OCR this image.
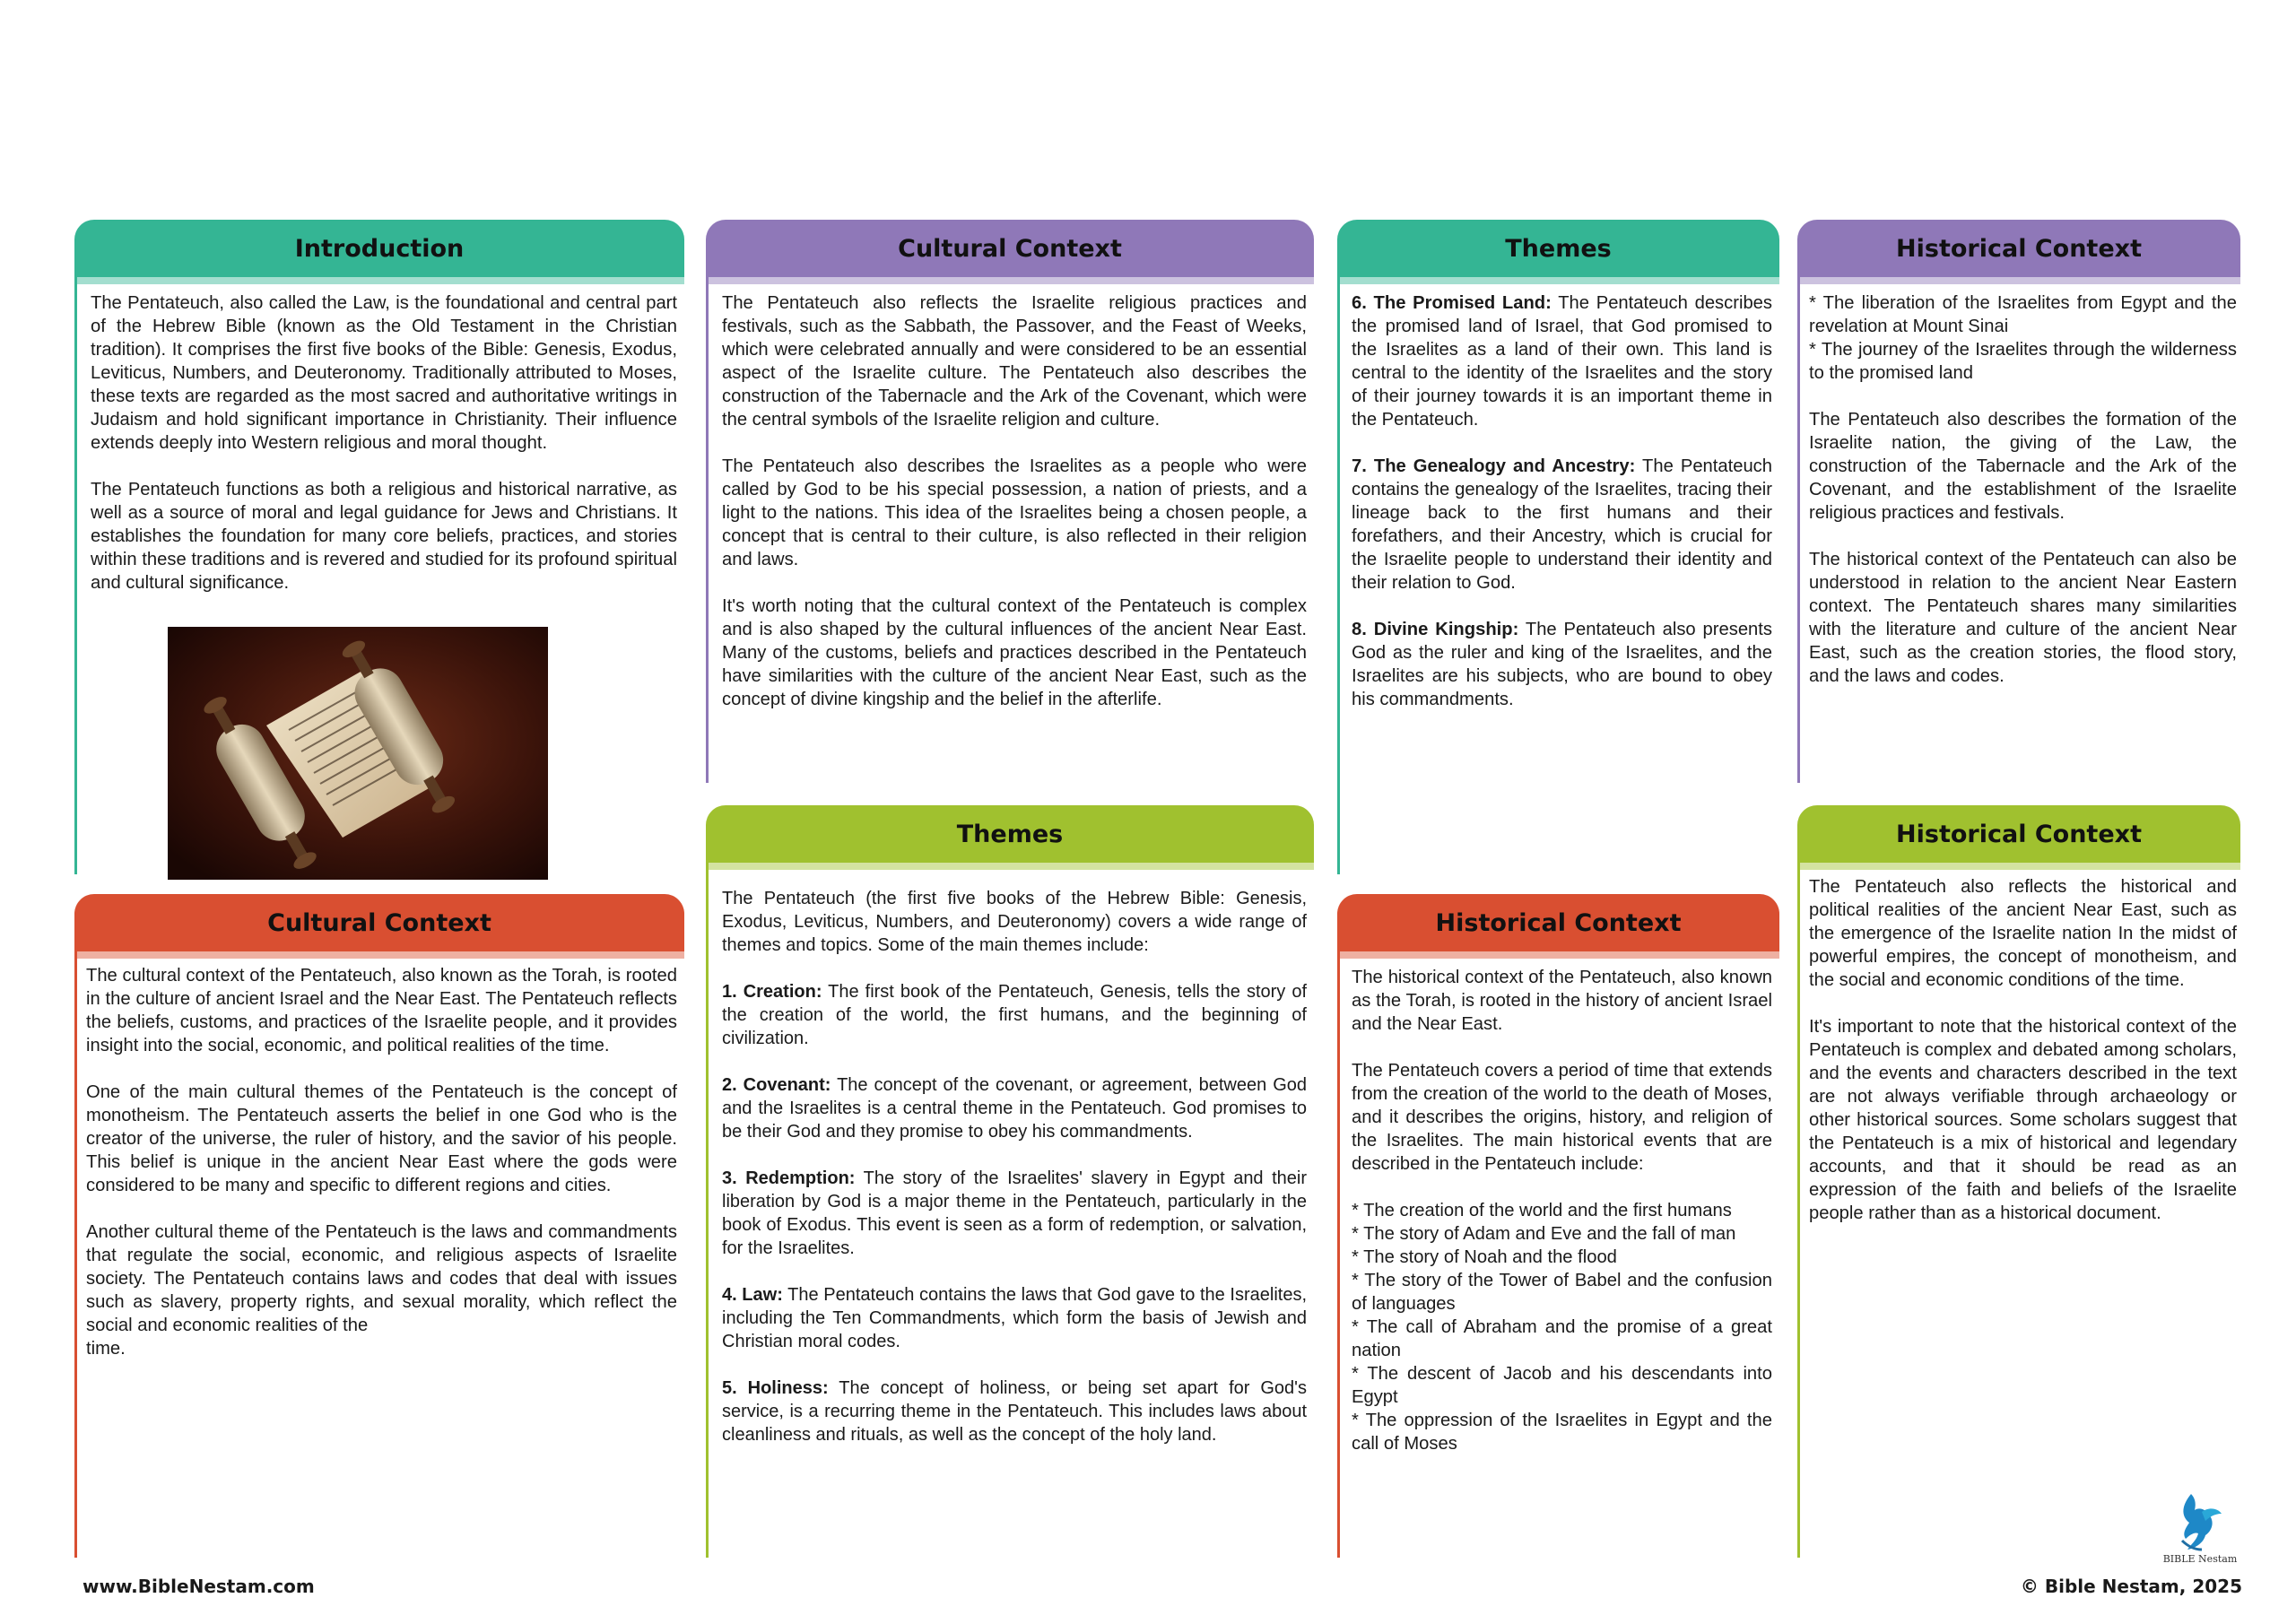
Introduction

The Pentateuch, also called the Law, is the foundational and central part of the Hebrew Bible (known as the Old Testament in the Christian tradition). It comprises the first five books of the Bible: Genesis, Exodus, Leviticus, Numbers, and Deuteronomy. Traditionally attributed to Moses, these texts are regarded as the most sacred and authoritative writings in Judaism and hold significant importance in Christianity. Their influence extends deeply into Western religious and moral thought.

The Pentateuch functions as both a religious and historical narrative, as well as a source of moral and legal guidance for Jews and Christians. It establishes the foundation for many core beliefs, practices, and stories within these traditions and is revered and studied for its profound spiritual and cultural significance.

Cultural Context

The Pentateuch also reflects the Israelite religious practices and festivals, such as the Sabbath, the Passover, and the Feast of Weeks, which were celebrated annually and were considered to be an essential aspect of the Israelite culture. The Pentateuch also describes the construction of the Tabernacle and the Ark of the Covenant, which were the central symbols of the Israelite religion and culture.

The Pentateuch also describes the Israelites as a people who were called by God to be his special possession, a nation of priests, and a light to the nations. This idea of the Israelites being a chosen people, a concept that is central to their culture, is also reflected in their religion and laws.

It's worth noting that the cultural context of the Pentateuch is complex and is also shaped by the cultural influences of the ancient Near East. Many of the customs, beliefs and practices described in the Pentateuch have similarities with the culture of the ancient Near East, such as the concept of divine kingship and the belief in the afterlife.

Themes

6. The Promised Land: The Pentateuch describes the promised land of Israel, that God promised to the Israelites as a land of their own. This land is central to the identity of the Israelites and the story of their journey towards it is an important theme in the Pentateuch.

7. The Genealogy and Ancestry: The Pentateuch contains the genealogy of the Israelites, tracing their lineage back to the first humans and their forefathers, and their Ancestry, which is crucial for the Israelite people to understand their identity and their relation to God.

8. Divine Kingship: The Pentateuch also presents God as the ruler and king of the Israelites, and the Israelites are his subjects, who are bound to obey his commandments.

Historical Context
* The liberation of the Israelites from Egypt and the revelation at Mount Sinai

* The journey of the Israelites through the wilderness to the promised land

The Pentateuch also describes the formation of the Israelite nation, the giving of the Law, the construction of the Tabernacle and the Ark of the Covenant, and the establishment of the Israelite religious practices and festivals.

The historical context of the Pentateuch can also be understood in relation to the ancient Near Eastern context. The Pentateuch shares many similarities with the literature and culture of the ancient Near East, such as the creation stories, the flood story, and the laws and codes.

Cultural Context

The cultural context of the Pentateuch, also known as the Torah, is rooted in the culture of ancient Israel and the Near East. The Pentateuch reflects the beliefs, customs, and practices of the Israelite people, and it provides insight into the social, economic, and political realities of the time.

One of the main cultural themes of the Pentateuch is the concept of monotheism. The Pentateuch asserts the belief in one God who is the creator of the universe, the ruler of history, and the savior of his people. This belief is unique in the ancient Near East where the gods were considered to be many and specific to different regions and cities.

Another cultural theme of the Pentateuch is the laws and commandments that regulate the social, economic, and religious aspects of Israelite society. The Pentateuch contains laws and codes that deal with issues such as slavery, property rights, and sexual morality, which reflect the social and economic realities of the
time.
Themes

The Pentateuch (the first five books of the Hebrew Bible: Genesis, Exodus, Leviticus, Numbers, and Deuteronomy) covers a wide range of themes and topics. Some of the main themes include:

1. Creation: The first book of the Pentateuch, Genesis, tells the story of the creation of the world, the first humans, and the beginning of civilization.

2. Covenant: The concept of the covenant, or agreement, between God and the Israelites is a central theme in the Pentateuch. God promises to be their God and they promise to obey his commandments.

3. Redemption: The story of the Israelites' slavery in Egypt and their liberation by God is a major theme in the Pentateuch, particularly in the book of Exodus. This event is seen as a form of redemption, or salvation, for the Israelites.

4. Law: The Pentateuch contains the laws that God gave to the Israelites, including the Ten Commandments, which form the basis of Jewish and Christian moral codes.

5. Holiness: The concept of holiness, or being set apart for God's service, is a recurring theme in the Pentateuch. This includes laws about cleanliness and rituals, as well as the concept of the holy land.

Historical Context

The historical context of the Pentateuch, also known as the Torah, is rooted in the history of ancient Israel and the Near East.

The Pentateuch covers a period of time that extends from the creation of the world to the death of Moses, and it describes the origins, history, and religion of the Israelites. The main historical events that are described in the Pentateuch include:

* The creation of the world and the first humans
* The story of Adam and Eve and the fall of man
* The story of Noah and the flood
* The story of the Tower of Babel and the confusion of languages
* The call of Abraham and the promise of a great nation
* The descent of Jacob and his descendants into Egypt
* The oppression of the Israelites in Egypt and the call of Moses
Historical Context

The Pentateuch also reflects the historical and political realities of the ancient Near East, such as the emergence of the Israelite nation In the midst of powerful empires, the concept of monotheism, and the social and economic conditions of the time.

It's important to note that the historical context of the Pentateuch is complex and debated among scholars, and the events and characters described in the text are not always verifiable through archaeology or other historical sources. Some scholars suggest that the Pentateuch is a mix of historical and legendary accounts, and that it should be read as an expression of the faith and beliefs of the Israelite people rather than as a historical document.

BIBLE Nestam
www.BibleNestam.com	© Bible Nestam, 2025
